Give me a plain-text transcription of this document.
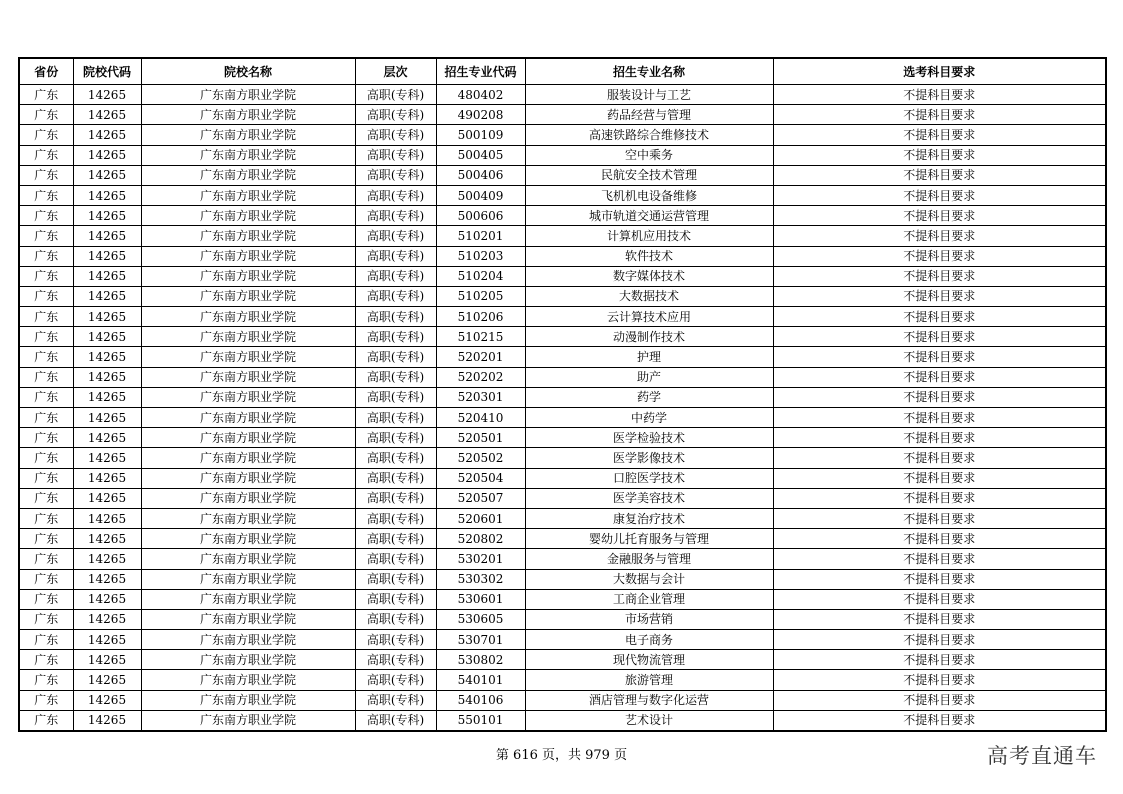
省份	院校代码	院校名称	层次	招生专业代码	招生专业名称	选考科目要求
广东	14265	广东南方职业学院	高职(专科)	480402	服装设计与工艺	不提科目要求
广东	14265	广东南方职业学院	高职(专科)	490208	药品经营与管理	不提科目要求
广东	14265	广东南方职业学院	高职(专科)	500109	高速铁路综合维修技术	不提科目要求
广东	14265	广东南方职业学院	高职(专科)	500405	空中乘务	不提科目要求
广东	14265	广东南方职业学院	高职(专科)	500406	民航安全技术管理	不提科目要求
广东	14265	广东南方职业学院	高职(专科)	500409	飞机机电设备维修	不提科目要求
广东	14265	广东南方职业学院	高职(专科)	500606	城市轨道交通运营管理	不提科目要求
广东	14265	广东南方职业学院	高职(专科)	510201	计算机应用技术	不提科目要求
广东	14265	广东南方职业学院	高职(专科)	510203	软件技术	不提科目要求
广东	14265	广东南方职业学院	高职(专科)	510204	数字媒体技术	不提科目要求
广东	14265	广东南方职业学院	高职(专科)	510205	大数据技术	不提科目要求
广东	14265	广东南方职业学院	高职(专科)	510206	云计算技术应用	不提科目要求
广东	14265	广东南方职业学院	高职(专科)	510215	动漫制作技术	不提科目要求
广东	14265	广东南方职业学院	高职(专科)	520201	护理	不提科目要求
广东	14265	广东南方职业学院	高职(专科)	520202	助产	不提科目要求
广东	14265	广东南方职业学院	高职(专科)	520301	药学	不提科目要求
广东	14265	广东南方职业学院	高职(专科)	520410	中药学	不提科目要求
广东	14265	广东南方职业学院	高职(专科)	520501	医学检验技术	不提科目要求
广东	14265	广东南方职业学院	高职(专科)	520502	医学影像技术	不提科目要求
广东	14265	广东南方职业学院	高职(专科)	520504	口腔医学技术	不提科目要求
广东	14265	广东南方职业学院	高职(专科)	520507	医学美容技术	不提科目要求
广东	14265	广东南方职业学院	高职(专科)	520601	康复治疗技术	不提科目要求
广东	14265	广东南方职业学院	高职(专科)	520802	婴幼儿托育服务与管理	不提科目要求
广东	14265	广东南方职业学院	高职(专科)	530201	金融服务与管理	不提科目要求
广东	14265	广东南方职业学院	高职(专科)	530302	大数据与会计	不提科目要求
广东	14265	广东南方职业学院	高职(专科)	530601	工商企业管理	不提科目要求
广东	14265	广东南方职业学院	高职(专科)	530605	市场营销	不提科目要求
广东	14265	广东南方职业学院	高职(专科)	530701	电子商务	不提科目要求
广东	14265	广东南方职业学院	高职(专科)	530802	现代物流管理	不提科目要求
广东	14265	广东南方职业学院	高职(专科)	540101	旅游管理	不提科目要求
广东	14265	广东南方职业学院	高职(专科)	540106	酒店管理与数字化运营	不提科目要求
广东	14265	广东南方职业学院	高职(专科)	550101	艺术设计	不提科目要求
第 616 页，共 979 页	高考直通车
